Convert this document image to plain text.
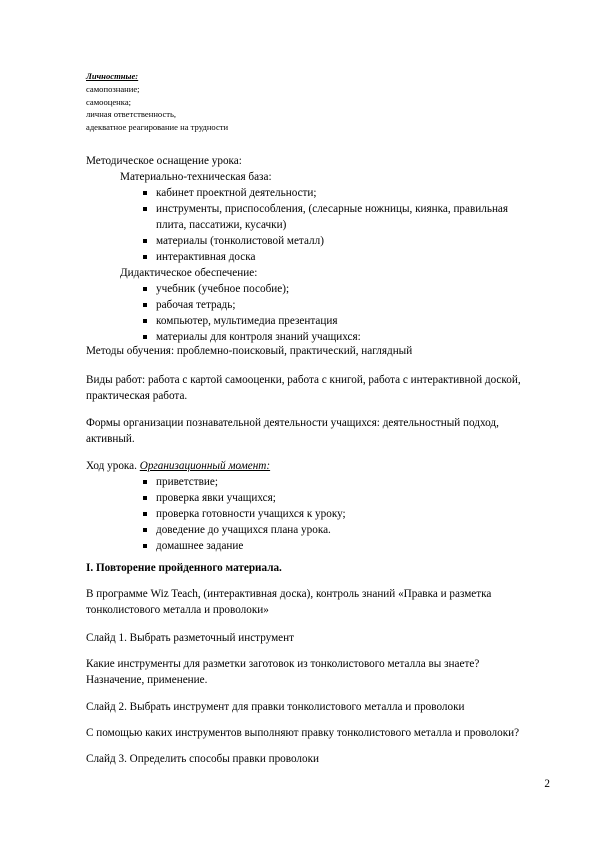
Личностные:
самопознание;
самооценка;
личная ответственность,
адекватное реагирование на трудности
Методическое оснащение урока:
Материально-техническая база:
кабинет проектной деятельности;
инструменты, приспособления, (слесарные ножницы, киянка, правильная плита, пассатижи, кусачки)
материалы (тонколистовой металл)
интерактивная доска
Дидактическое обеспечение:
учебник (учебное пособие);
рабочая тетрадь;
компьютер, мультимедиа презентация
материалы для контроля знаний учащихся:
Методы обучения: проблемно-поисковый, практический, наглядный
Виды работ: работа с картой самооценки, работа с книгой, работа с интерактивной доской, практическая работа.
Формы организации познавательной деятельности учащихся: деятельностный подход, активный.
Ход урока. Организационный момент:
приветствие;
проверка явки учащихся;
проверка готовности учащихся к уроку;
доведение до учащихся плана урока.
домашнее задание
I. Повторение пройденного материала.
В программе Wiz Teach, (интерактивная доска), контроль знаний «Правка и разметка тонколистового металла и проволоки»
Слайд 1. Выбрать разметочный инструмент
Какие инструменты для разметки заготовок из тонколистового металла вы знаете? Назначение, применение.
Слайд 2. Выбрать инструмент для правки тонколистового металла и проволоки
С помощью каких инструментов выполняют правку тонколистового металла и проволоки?
Слайд 3. Определить способы правки проволоки
2
